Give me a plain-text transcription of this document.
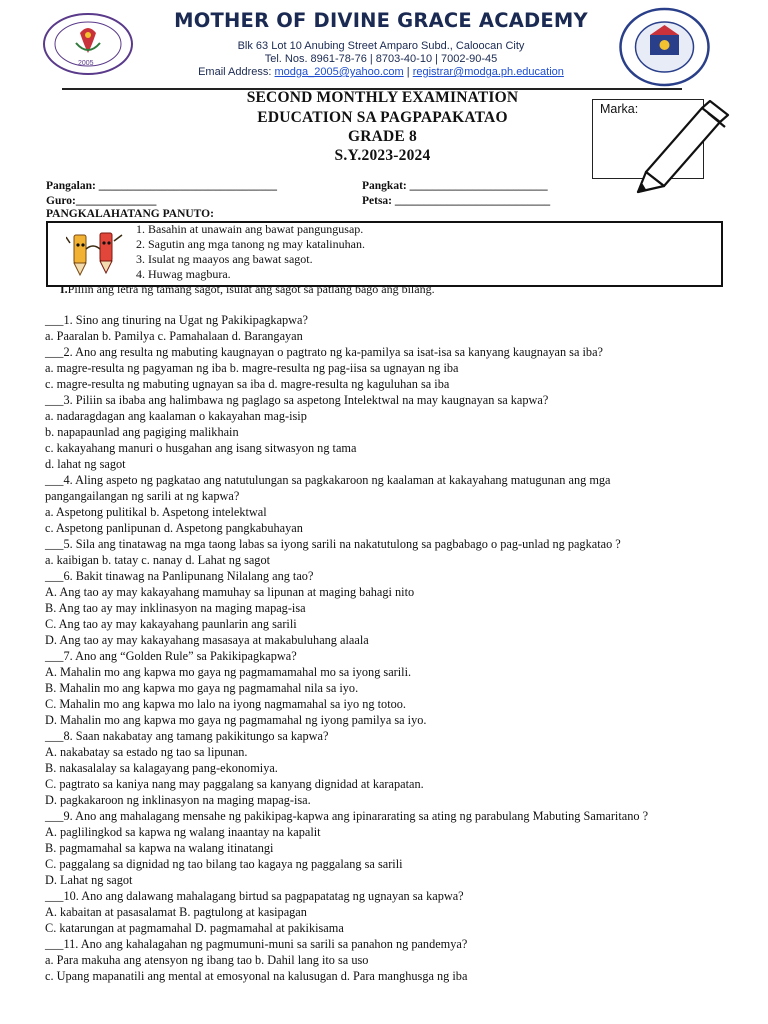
2005
MOTHER OF DIVINE GRACE ACADEMY
Blk 63 Lot 10 Anubing Street Amparo Subd., Caloocan City
Tel. Nos. 8961-78-76 | 8703-40-10 | 7002-90-45
Email Address: modga_2005@yahoo.com | registrar@modga.ph.education
SECOND MONTHLY EXAMINATION
EDUCATION SA PAGPAPAKATAO
GRADE 8
S.Y.2023-2024
Marka:
Pangalan: _______________________________	Pangkat: ________________________
Guro:______________	Petsa: ___________________________
PANGKALAHATANG PANUTO:
1. Basahin at unawain ang bawat pangungusap.
2. Sagutin ang mga tanong ng may katalinuhan.
3. Isulat ng maayos ang bawat sagot.
4. Huwag magbura.
I.Piliin ang letra ng tamang sagot, isulat ang sagot sa patlang bago ang bilang.
___1. Sino ang tinuring na Ugat ng Pakikipagkapwa?
a. Paaralan b. Pamilya c. Pamahalaan d. Barangayan
___2. Ano ang resulta ng mabuting kaugnayan o pagtrato ng ka-pamilya sa isat-isa sa kanyang kaugnayan sa iba?
a. magre-resulta ng pagyaman ng iba b. magre-resulta ng pag-iisa sa ugnayan ng iba
c. magre-resulta ng mabuting ugnayan sa iba d. magre-resulta ng kaguluhan sa iba
___3. Piliin sa ibaba ang halimbawa ng paglago sa aspetong Intelektwal na may kaugnayan sa kapwa?
a. nadaragdagan ang kaalaman o kakayahan mag-isip
b. napapaunlad ang pagiging malikhain
c. kakayahang manuri o husgahan ang isang sitwasyon ng tama
d. lahat ng sagot
___4. Aling aspeto ng pagkatao ang natutulungan sa pagkakaroon ng kaalaman at kakayahang matugunan ang mga
pangangailangan ng sarili at ng kapwa?
a. Aspetong pulitikal b. Aspetong intelektwal
c. Aspetong panlipunan d. Aspetong pangkabuhayan
___5. Sila ang tinatawag na mga taong labas sa iyong sarili na nakatutulong sa pagbabago o pag-unlad ng pagkatao ?
a. kaibigan b. tatay c. nanay d. Lahat ng sagot
___6. Bakit tinawag na Panlipunang Nilalang ang tao?
A. Ang tao ay may kakayahang mamuhay sa lipunan at maging bahagi nito
B. Ang tao ay may inklinasyon na maging mapag-isa
C. Ang tao ay may kakayahang paunlarin ang sarili
D. Ang tao ay may kakayahang masasaya at makabuluhang alaala
___7. Ano ang “Golden Rule” sa Pakikipagkapwa?
A. Mahalin mo ang kapwa mo gaya ng pagmamamahal mo sa iyong sarili.
B. Mahalin mo ang kapwa mo gaya ng pagmamahal nila sa iyo.
C. Mahalin mo ang kapwa mo lalo na iyong nagmamahal sa iyo ng totoo.
D. Mahalin mo ang kapwa mo gaya ng pagmamahal ng iyong pamilya sa iyo.
___8. Saan nakabatay ang tamang pakikitungo sa kapwa?
A. nakabatay sa estado ng tao sa lipunan.
B. nakasalalay sa kalagayang pang-ekonomiya.
C. pagtrato sa kaniya nang may paggalang sa kanyang dignidad at karapatan.
D. pagkakaroon ng inklinasyon na maging mapag-isa.
___9. Ano ang mahalagang mensahe ng pakikipag-kapwa ang ipinararating sa ating ng parabulang Mabuting Samaritano ?
A. paglilingkod sa kapwa ng walang inaantay na kapalit
B. pagmamahal sa kapwa na walang itinatangi
C. paggalang sa dignidad ng tao bilang tao kagaya ng paggalang sa sarili
D. Lahat ng sagot
___10. Ano ang dalawang mahalagang birtud sa pagpapatatag ng ugnayan sa kapwa?
A. kabaitan at pasasalamat B. pagtulong at kasipagan
C. katarungan at pagmamahal D. pagmamahal at pakikisama
___11. Ano ang kahalagahan ng pagmumuni-muni sa sarili sa panahon ng pandemya?
a. Para makuha ang atensyon ng ibang tao b. Dahil lang ito sa uso
c. Upang mapanatili ang mental at emosyonal na kalusugan d. Para manghusga ng iba
